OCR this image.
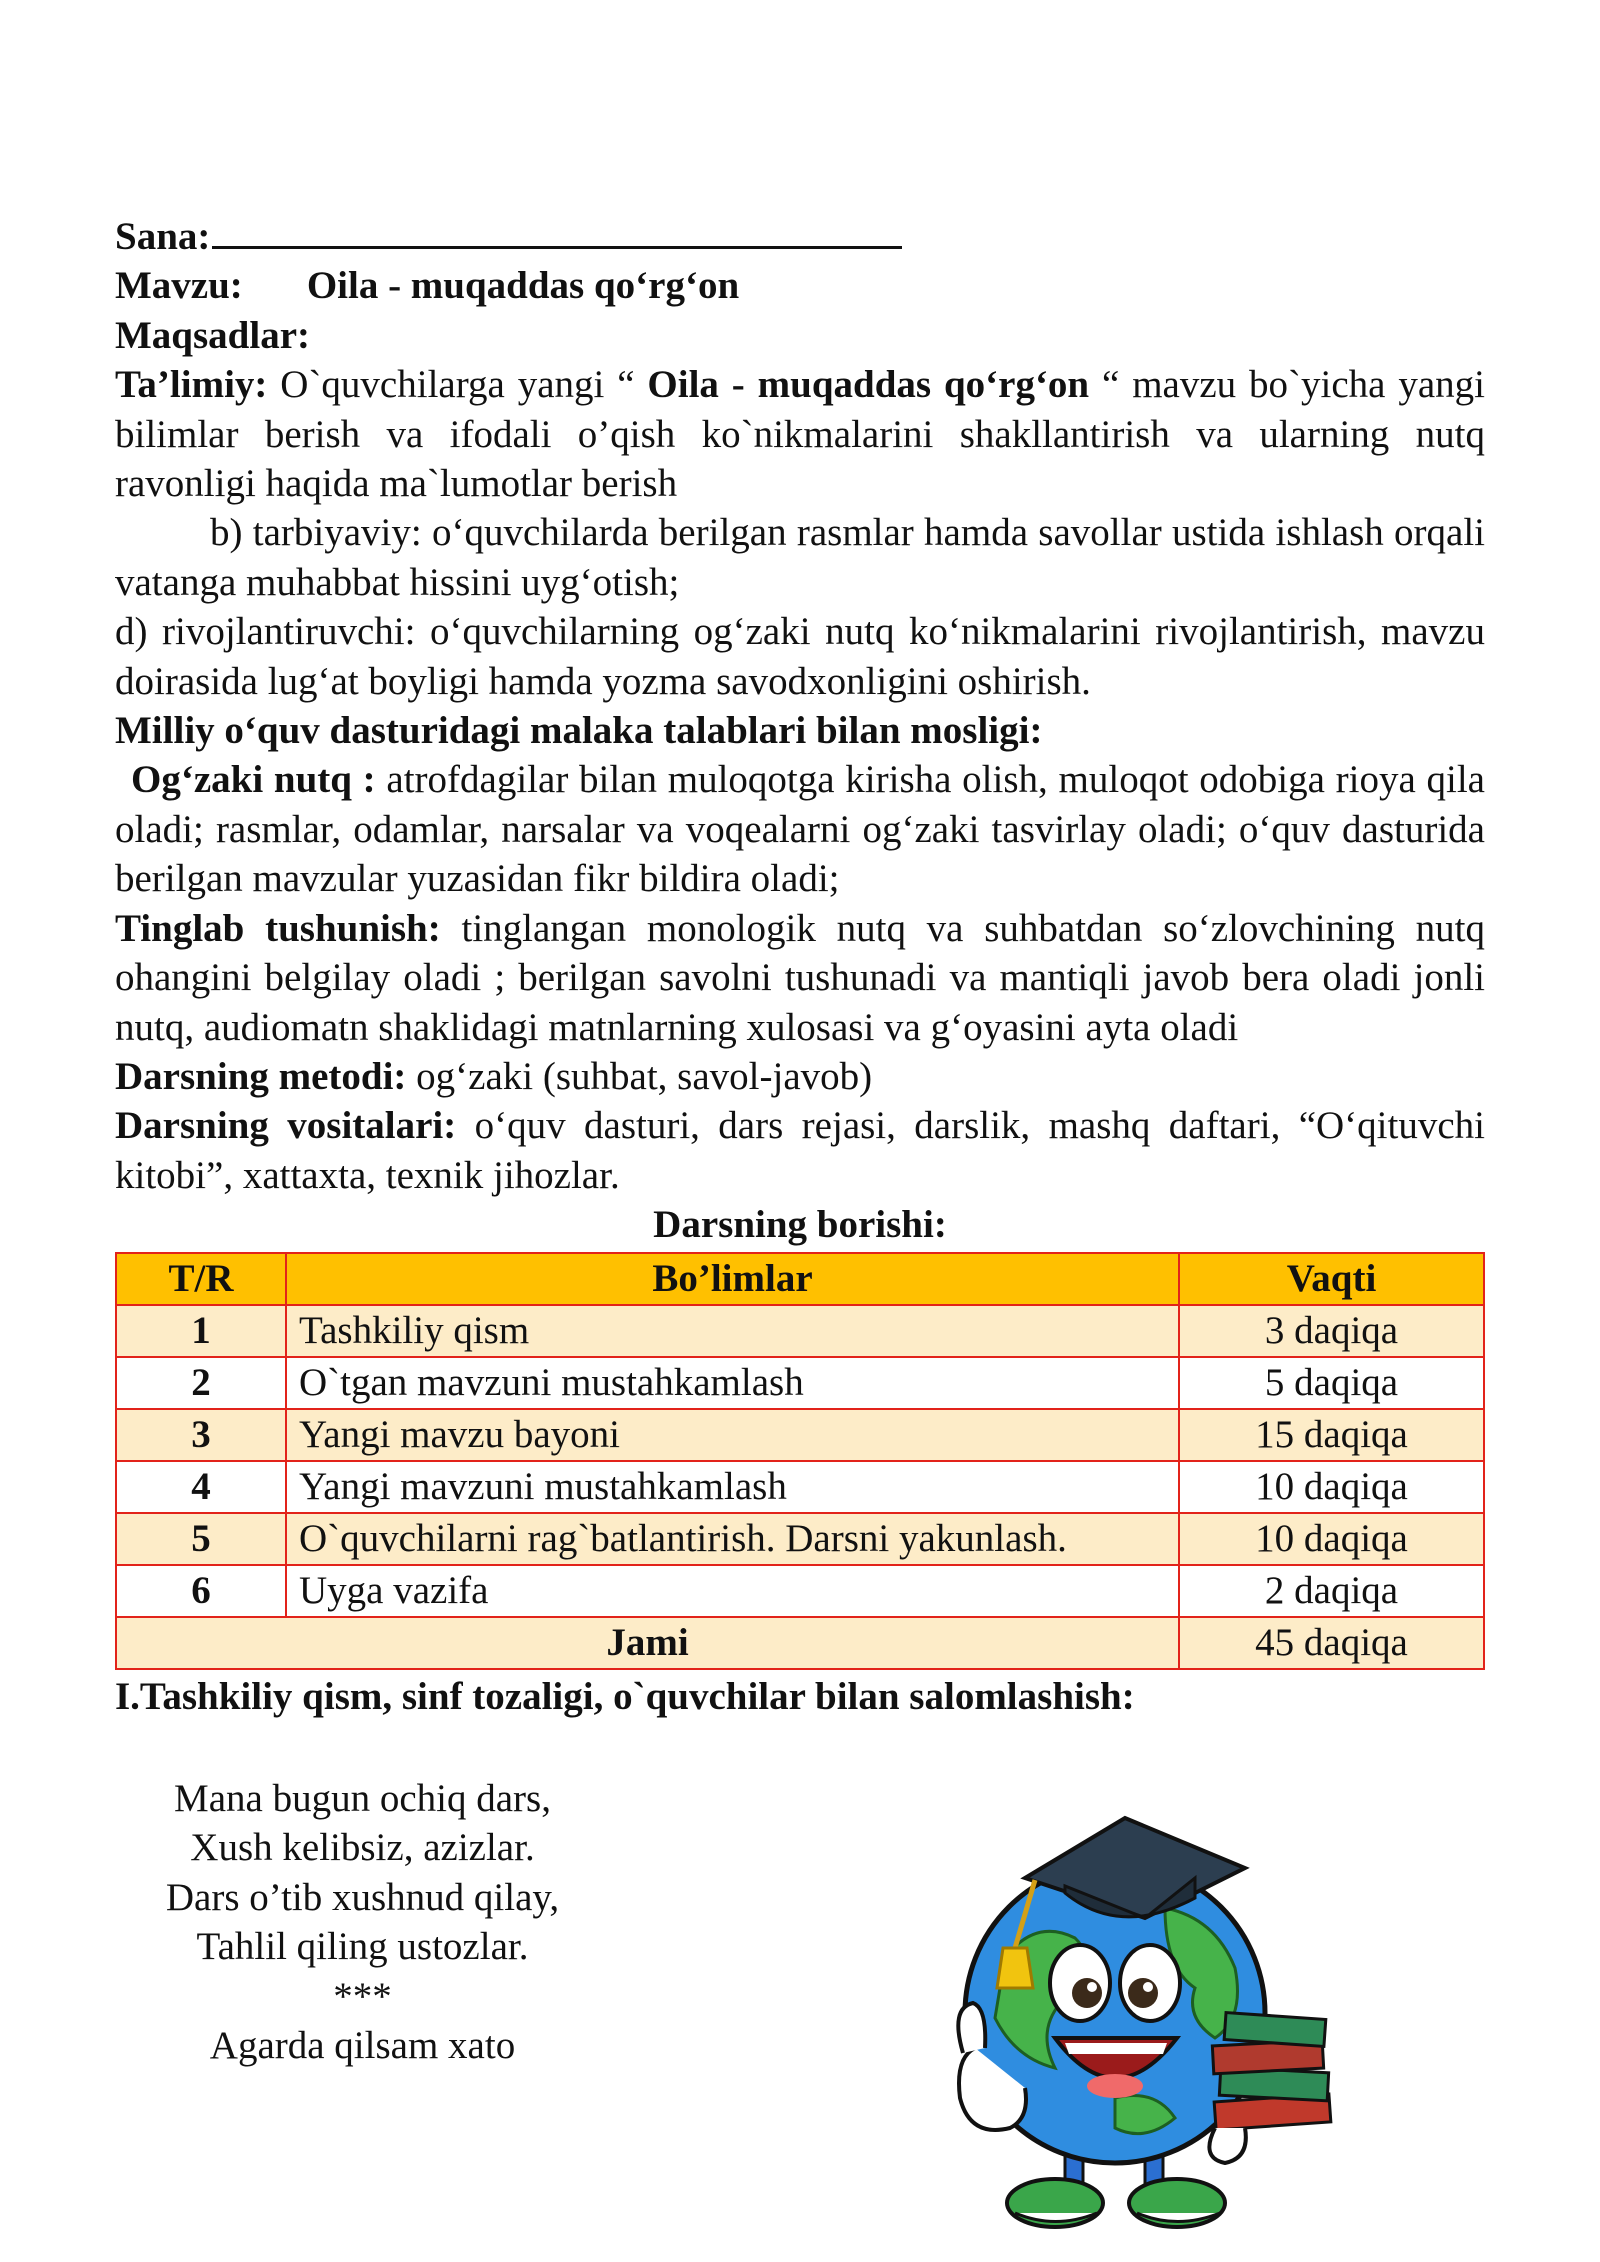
Sana:

Mavzu: Oila - muqaddas qo‘rg‘on

Maqsadlar:

Ta’limiy: O`quvchilarga yangi “ Oila - muqaddas qo‘rg‘on “ mavzu bo`yicha yangi bilimlar berish va ifodali o’qish ko`nikmalarini shakllantirish va ularning nutq ravonligi haqida ma`lumotlar berish

b) tarbiyaviy: o‘quvchilarda berilgan rasmlar hamda savollar ustida ishlash orqali vatanga muhabbat hissini uyg‘otish;

d) rivojlantiruvchi: o‘quvchilarning og‘zaki nutq ko‘nikmalarini rivojlantirish, mavzu doirasida lug‘at boyligi hamda yozma savodxonligini oshirish.

Milliy o‘quv dasturidagi malaka talablari bilan mosligi:

Og‘zaki nutq : atrofdagilar bilan muloqotga kirisha olish, muloqot odobiga rioya qila oladi; rasmlar, odamlar, narsalar va voqealarni og‘zaki tasvirlay oladi; o‘quv dasturida berilgan mavzular yuzasidan fikr bildira oladi;

Tinglab tushunish: tinglangan monologik nutq va suhbatdan so‘zlovchining nutq ohangini belgilay oladi ; berilgan savolni tushunadi va mantiqli javob bera oladi jonli nutq, audiomatn shaklidagi matnlarning xulosasi va g‘oyasini ayta oladi

Darsning metodi: og‘zaki (suhbat, savol-javob)

Darsning vositalari: o‘quv dasturi, dars rejasi, darslik, mashq daftari, “O‘qituvchi kitobi”, xattaxta, texnik jihozlar.

Darsning borishi:

T/R	Bo’limlar	Vaqti
1	Tashkiliy qism	3 daqiqa
2	O`tgan mavzuni mustahkamlash	5 daqiqa
3	Yangi mavzu bayoni	15 daqiqa
4	Yangi mavzuni mustahkamlash	10 daqiqa
5	O`quvchilarni rag`batlantirish. Darsni yakunlash.	10 daqiqa
6	Uyga vazifa	2 daqiqa
Jami		45 daqiqa

I.Tashkiliy qism, sinf tozaligi, o`quvchilar bilan salomlashish:

Mana bugun ochiq dars,

Xush kelibsiz, azizlar.

Dars o’tib xushnud qilay,

Tahlil qiling ustozlar.

***

Agarda qilsam xato
